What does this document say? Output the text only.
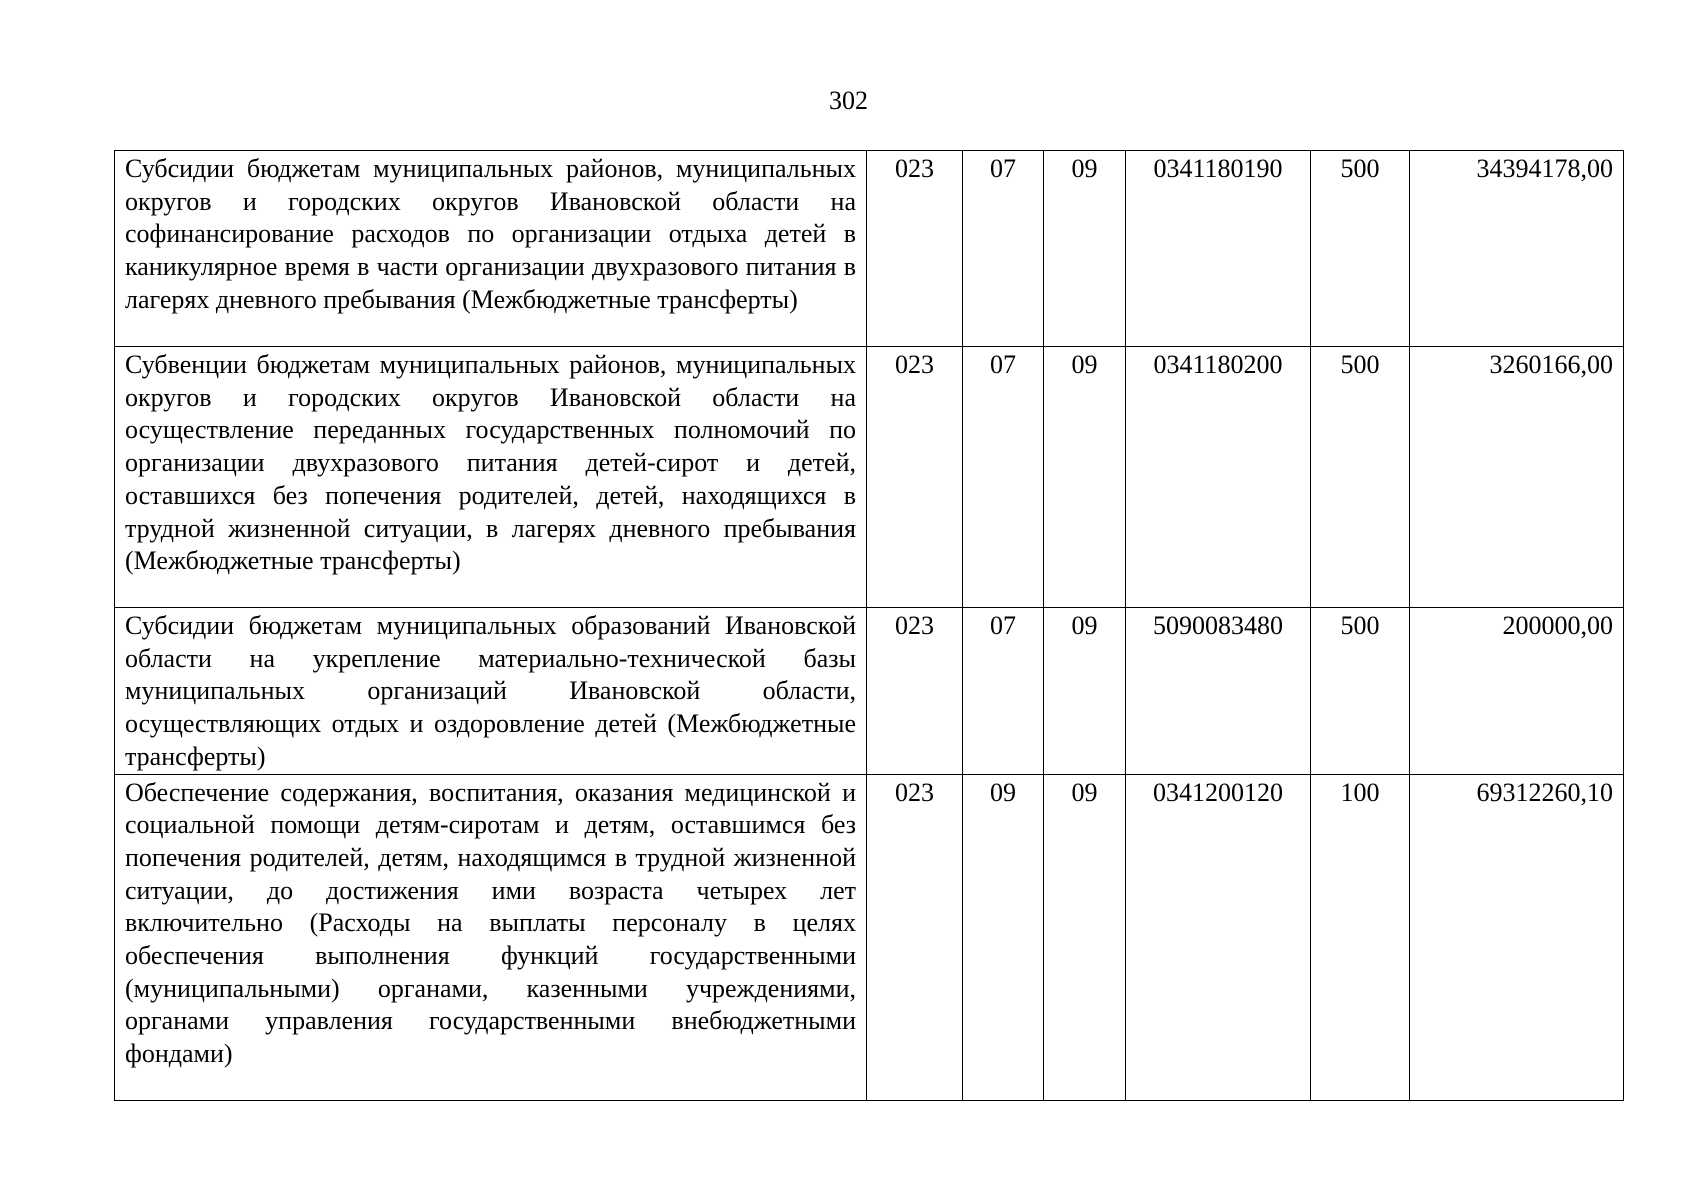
302
Субсидии бюджетам муниципальных районов, муниципальных округов и городских округов Ивановской области на софинансирование расходов по организации отдыха детей в каникулярное время в части организации двухразового питания в лагерях дневного пребывания (Межбюджетные трансферты)	023	07	09	0341180190	500	34394178,00
Субвенции бюджетам муниципальных районов, муниципальных округов и городских округов Ивановской области на осуществление переданных государственных полномочий по организации двухразового питания детей-сирот и детей, оставшихся без попечения родителей, детей, находящихся в трудной жизненной ситуации, в лагерях дневного пребывания (Межбюджетные трансферты)	023	07	09	0341180200	500	3260166,00
Субсидии бюджетам муниципальных образований Ивановской области на укрепление материально-технической базы муниципальных организаций Ивановской области, осуществляющих отдых и оздоровление детей (Межбюджетные трансферты)	023	07	09	5090083480	500	200000,00
Обеспечение содержания, воспитания, оказания медицинской и социальной помощи детям-сиротам и детям, оставшимся без попечения родителей, детям, находящимся в трудной жизненной ситуации, до достижения ими возраста четырех лет включительно (Расходы на выплаты персоналу в целях обеспечения выполнения функций государственными (муниципальными) органами, казенными учреждениями, органами управления государственными внебюджетными фондами)	023	09	09	0341200120	100	69312260,10
